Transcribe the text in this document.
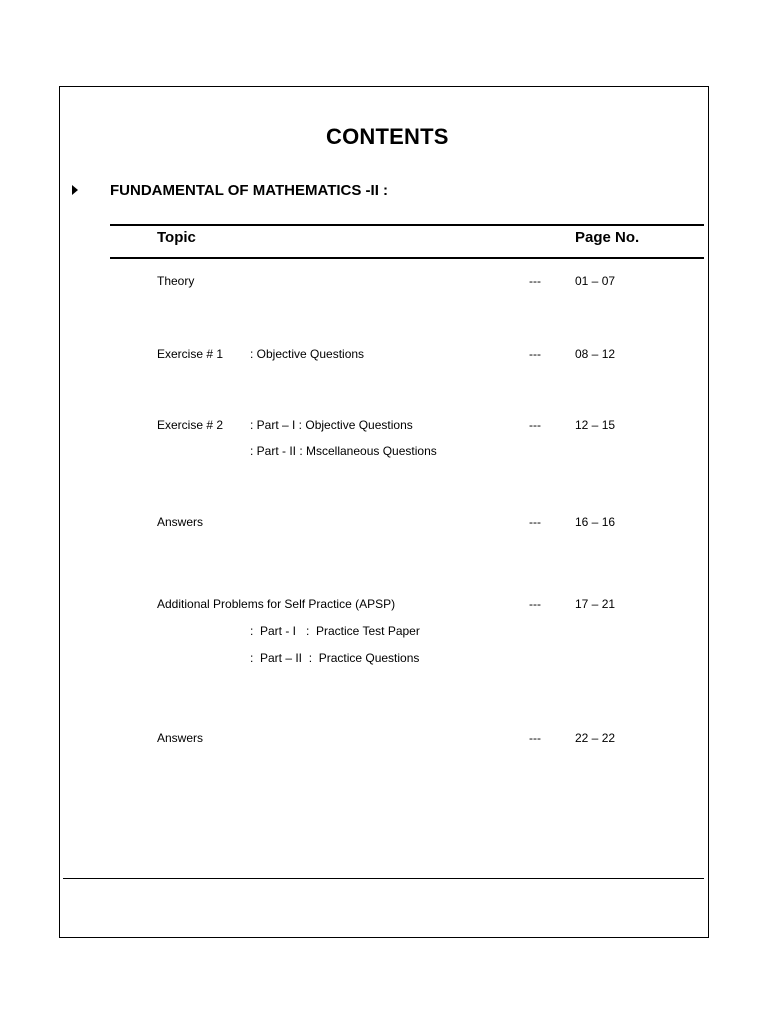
CONTENTS
FUNDAMENTAL OF MATHEMATICS -II :
Topic	Page No.
Theory	---	01 – 07
Exercise # 1 : Objective Questions	---	08 – 12
Exercise # 2 : Part – I : Objective Questions	---	12 – 15
: Part - II : Mscellaneous Questions
Answers	---	16 – 16
Additional Problems for Self Practice (APSP)	---	17 – 21
:  Part - I   :  Practice Test Paper
:  Part – II  :  Practice Questions
Answers	---	22 – 22
